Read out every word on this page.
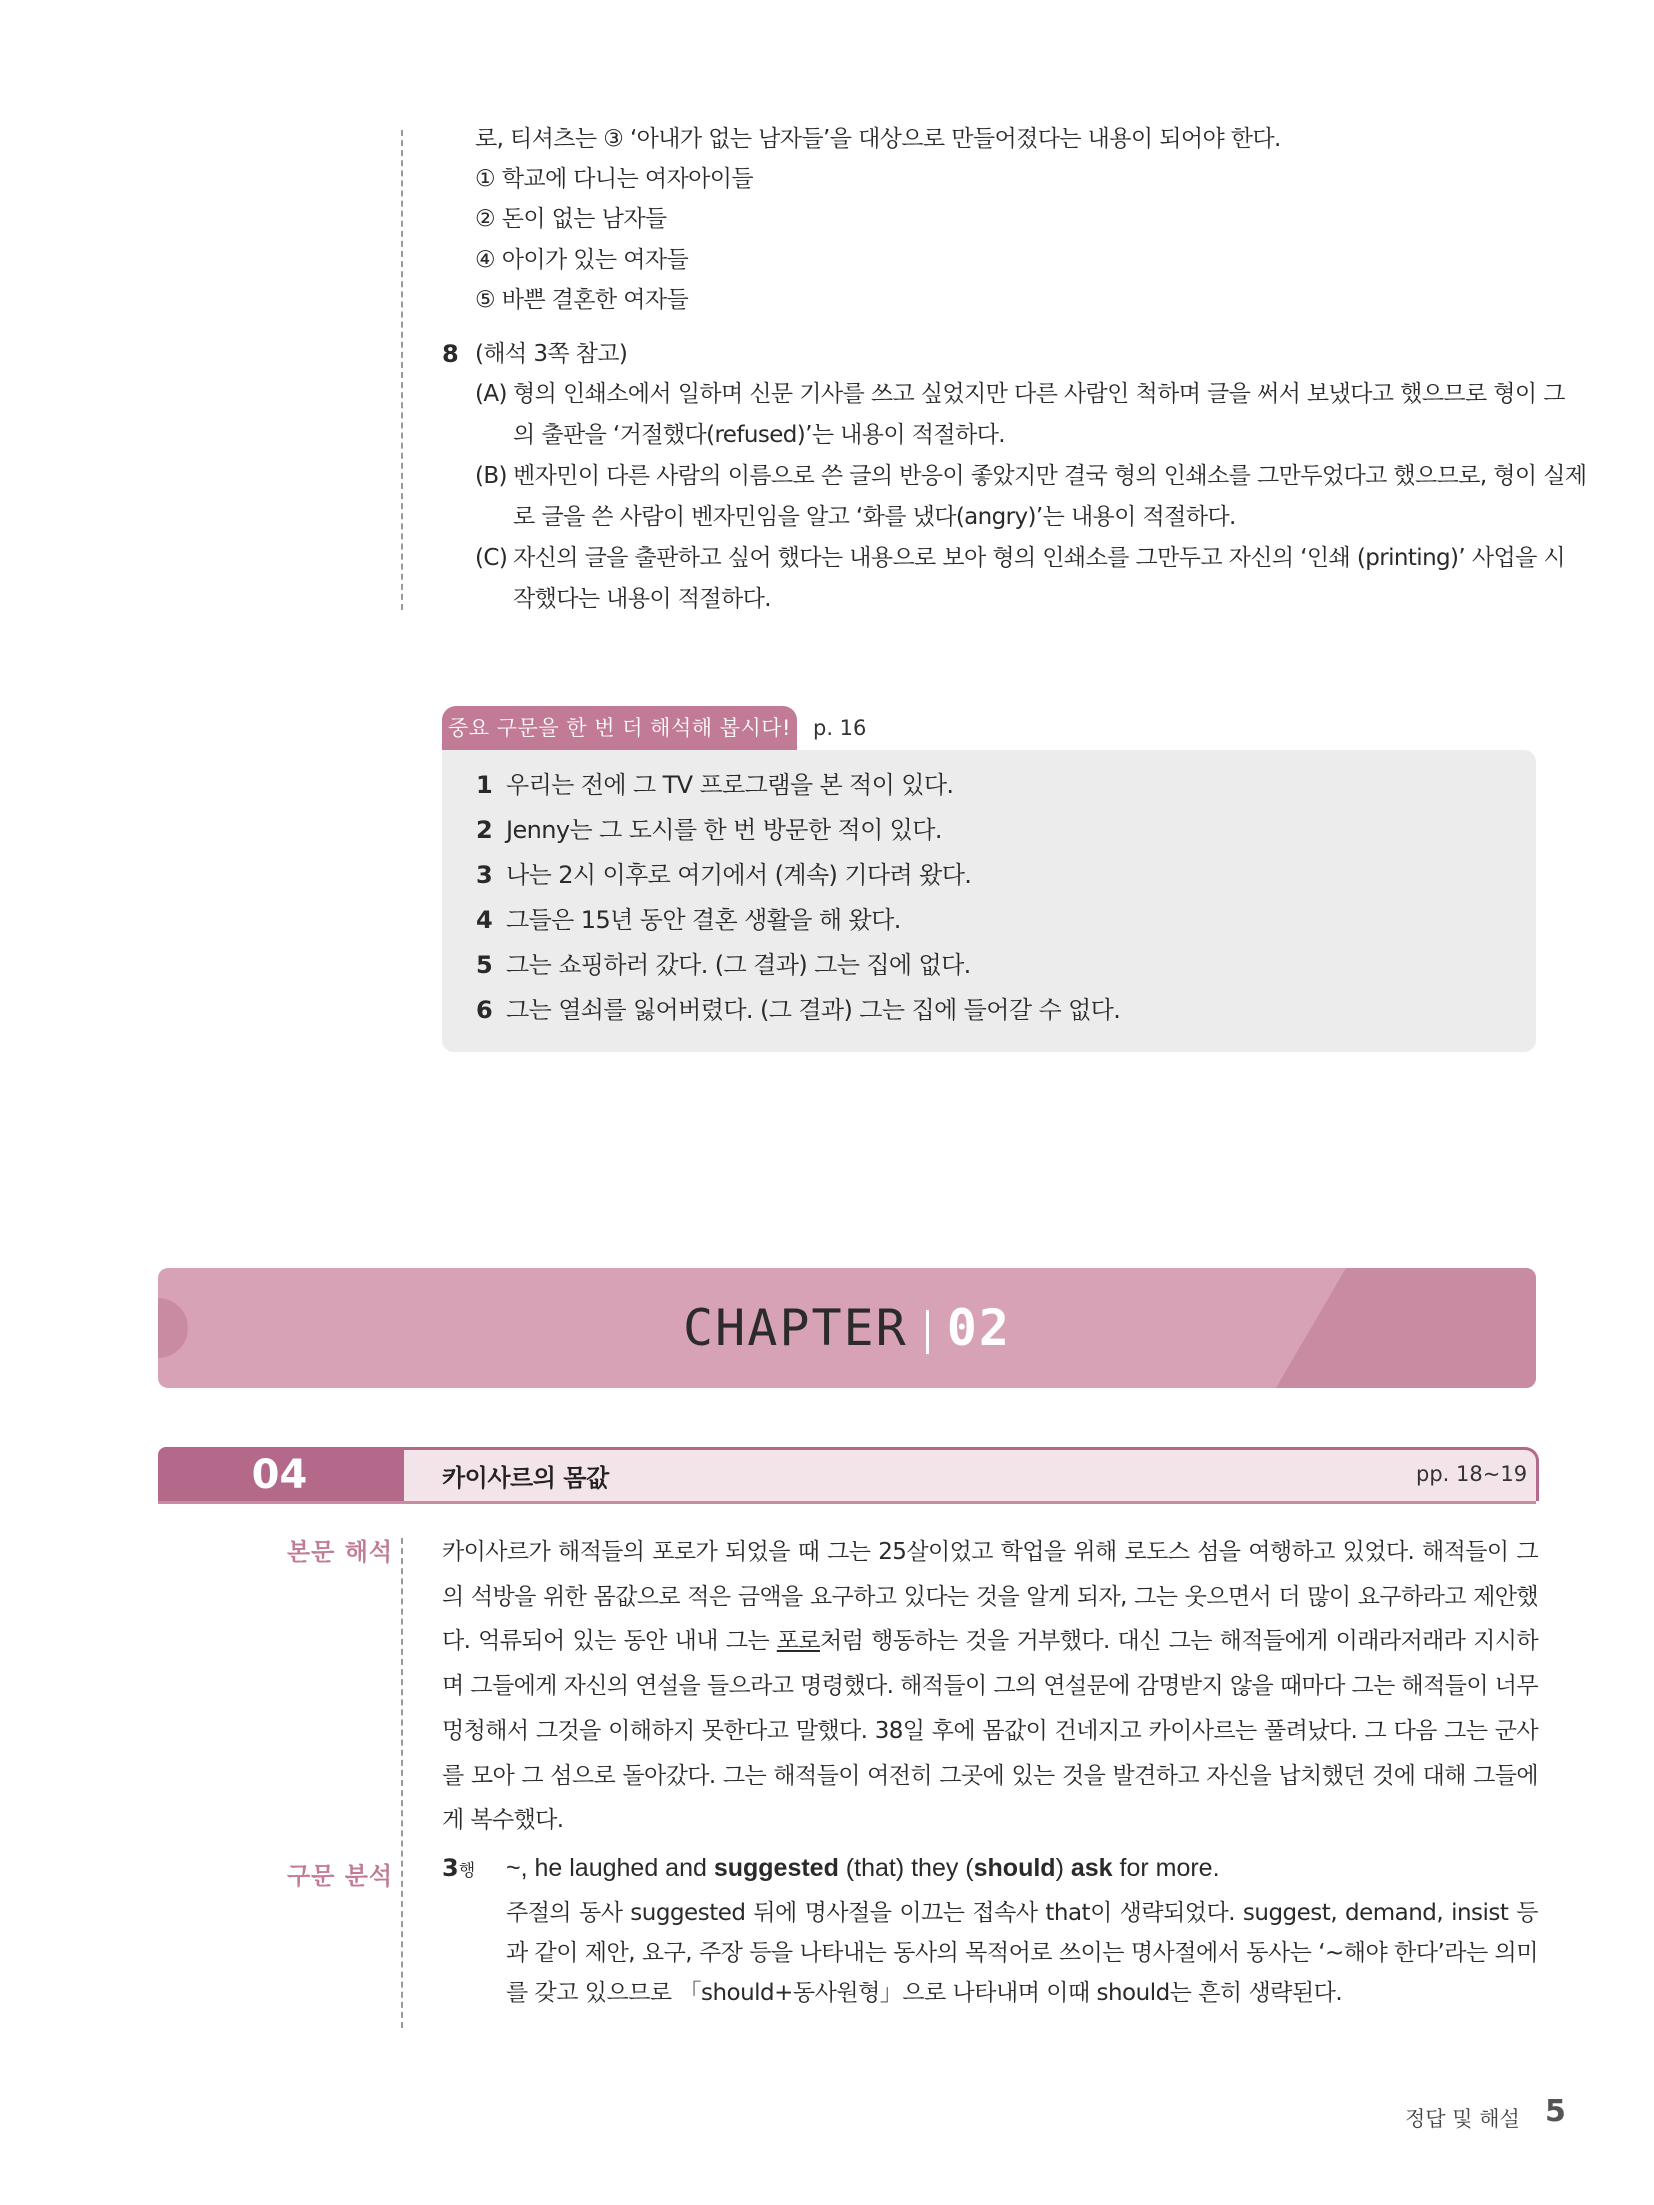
로, 티셔츠는 ③ ‘아내가 없는 남자들’을 대상으로 만들어졌다는 내용이 되어야 한다.
① 학교에 다니는 여자아이들
② 돈이 없는 남자들
④ 아이가 있는 여자들
⑤ 바쁜 결혼한 여자들
8 (해석 3쪽 참고)
(A) 형의 인쇄소에서 일하며 신문 기사를 쓰고 싶었지만 다른 사람인 척하며 글을 써서 보냈다고 했으므로 형이 그
의 출판을 ‘거절했다(refused)’는 내용이 적절하다.
(B) 벤자민이 다른 사람의 이름으로 쓴 글의 반응이 좋았지만 결국 형의 인쇄소를 그만두었다고 했으므로, 형이 실제
로 글을 쓴 사람이 벤자민임을 알고 ‘화를 냈다(angry)’는 내용이 적절하다.
(C) 자신의 글을 출판하고 싶어 했다는 내용으로 보아 형의 인쇄소를 그만두고 자신의 ‘인쇄 (printing)’ 사업을 시
작했다는 내용이 적절하다.
중요 구문을 한 번 더 해석해 봅시다! p. 16
1 우리는 전에 그 TV 프로그램을 본 적이 있다.
2 Jenny는 그 도시를 한 번 방문한 적이 있다.
3 나는 2시 이후로 여기에서 (계속) 기다려 왔다.
4 그들은 15년 동안 결혼 생활을 해 왔다.
5 그는 쇼핑하러 갔다. (그 결과) 그는 집에 없다.
6 그는 열쇠를 잃어버렸다. (그 결과) 그는 집에 들어갈 수 없다.
CHAPTER 02
04	카이사르의 몸값	pp. 18~19
본문 해석 카이사르가 해적들의 포로가 되었을 때 그는 25살이었고 학업을 위해 로도스 섬을 여행하고 있었다. 해적들이 그의 석방을 위한 몸값으로 적은 금액을 요구하고 있다는 것을 알게 되자, 그는 웃으면서 더 많이 요구하라고 제안했다. 억류되어 있는 동안 내내 그는 포로처럼 행동하는 것을 거부했다. 대신 그는 해적들에게 이래라저래라 지시하며 그들에게 자신의 연설을 들으라고 명령했다. 해적들이 그의 연설문에 감명받지 않을 때마다 그는 해적들이 너무 멍청해서 그것을 이해하지 못한다고 말했다. 38일 후에 몸값이 건네지고 카이사르는 풀려났다. 그 다음 그는 군사를 모아 그 섬으로 돌아갔다. 그는 해적들이 여전히 그곳에 있는 것을 발견하고 자신을 납치했던 것에 대해 그들에게 복수했다.
구문 분석 3행 ~, he laughed and suggested (that) they (should) ask for more.
주절의 동사 suggested 뒤에 명사절을 이끄는 접속사 that이 생략되었다. suggest, demand, insist 등과 같이 제안, 요구, 주장 등을 나타내는 동사의 목적어로 쓰이는 명사절에서 동사는 ‘~해야 한다’라는 의미를 갖고 있으므로 「should+동사원형」으로 나타내며 이때 should는 흔히 생략된다.
정답 및 해설 5
